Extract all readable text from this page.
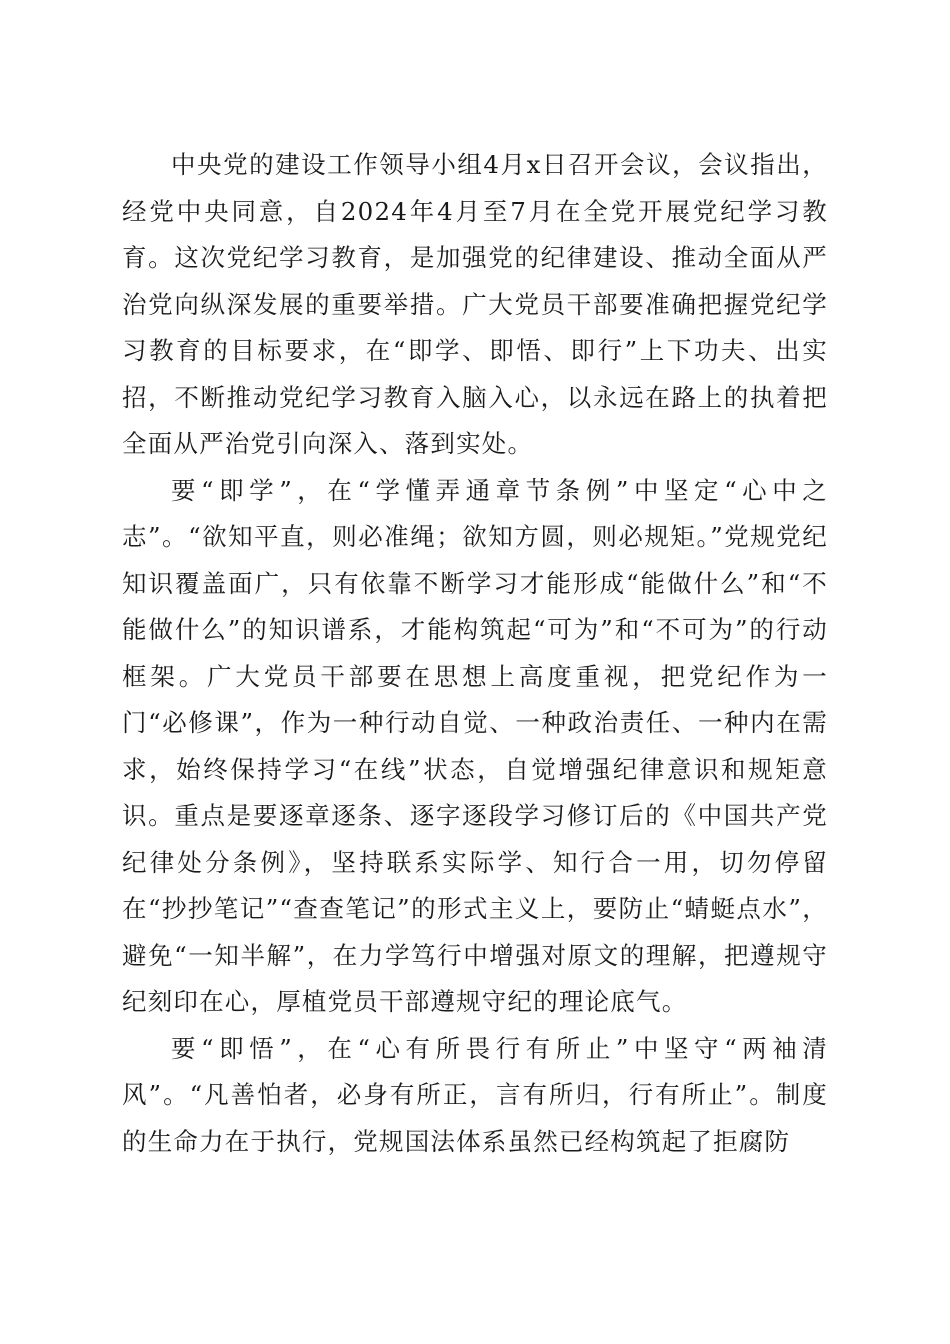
中央党的建设工作领导小组4月x日召开会议，会议指出，经党中央同意，自2024年4月至7月在全党开展党纪学习教育。这次党纪学习教育，是加强党的纪律建设、推动全面从严治党向纵深发展的重要举措。广大党员干部要准确把握党纪学习教育的目标要求，在“即学、即悟、即行”上下功夫、出实招，不断推动党纪学习教育入脑入心，以永远在路上的执着把全面从严治党引向深入、落到实处。

要“即学”，在“学懂弄通章节条例”中坚定“心中之志”。“欲知平直，则必准绳；欲知方圆，则必规矩。”党规党纪知识覆盖面广，只有依靠不断学习才能形成“能做什么”和“不能做什么”的知识谱系，才能构筑起“可为”和“不可为”的行动框架。广大党员干部要在思想上高度重视，把党纪作为一门“必修课”，作为一种行动自觉、一种政治责任、一种内在需求，始终保持学习“在线”状态，自觉增强纪律意识和规矩意识。重点是要逐章逐条、逐字逐段学习修订后的《中国共产党纪律处分条例》，坚持联系实际学、知行合一用，切勿停留在“抄抄笔记”“查查笔记”的形式主义上，要防止“蜻蜓点水”，避免“一知半解”，在力学笃行中增强对原文的理解，把遵规守纪刻印在心，厚植党员干部遵规守纪的理论底气。

要“即悟”，在“心有所畏行有所止”中坚守“两袖清风”。“凡善怕者，必身有所正，言有所归，行有所止”。制度的生命力在于执行，党规国法体系虽然已经构筑起了拒腐防
